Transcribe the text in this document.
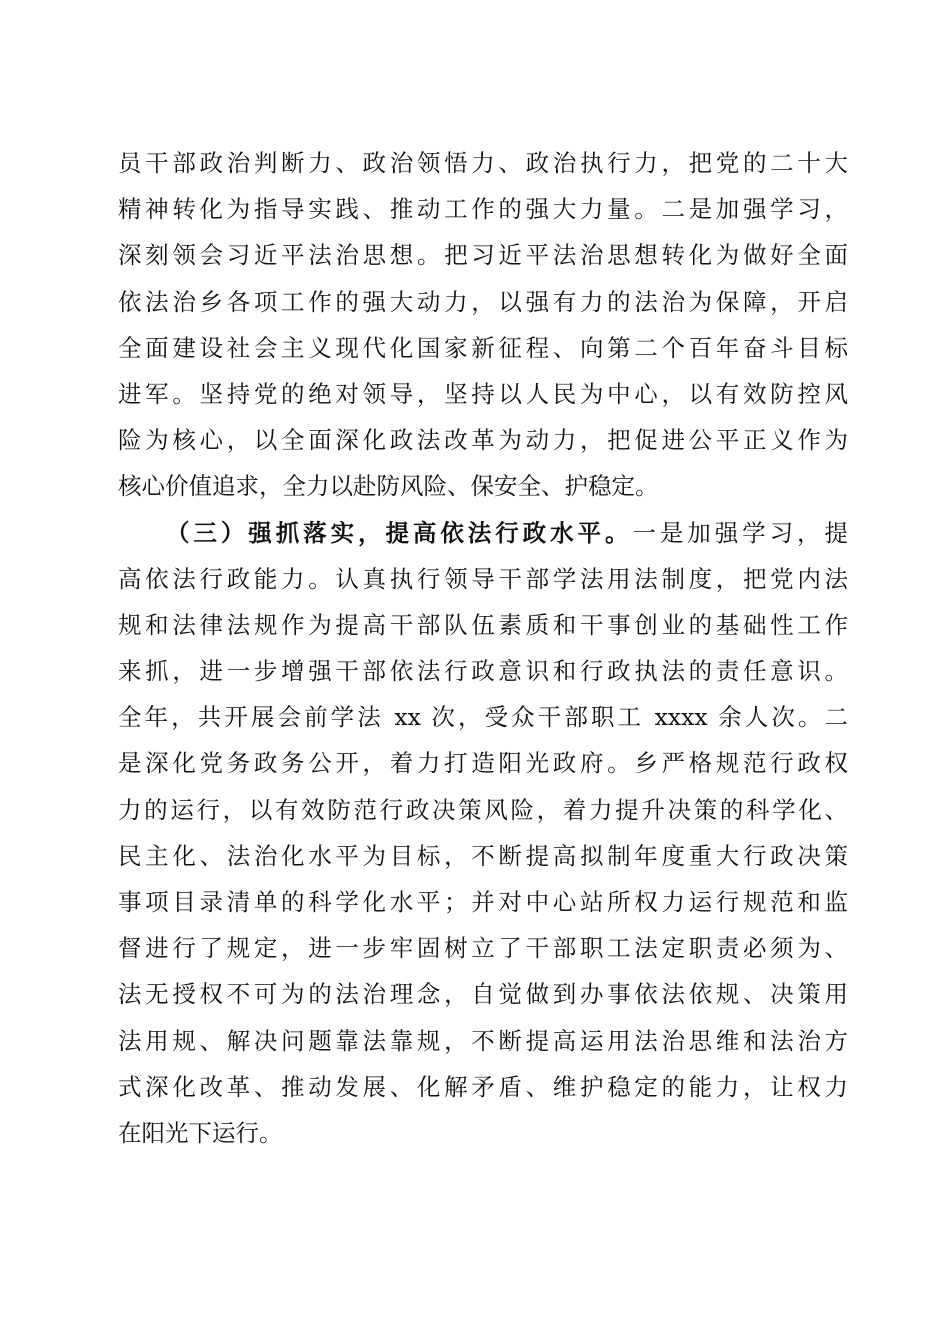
员干部政治判断力、政治领悟力、政治执行力，把党的二十大
精神转化为指导实践、推动工作的强大力量。二是加强学习，
深刻领会习近平法治思想。把习近平法治思想转化为做好全面
依法治乡各项工作的强大动力，以强有力的法治为保障，开启
全面建设社会主义现代化国家新征程、向第二个百年奋斗目标
进军。坚持党的绝对领导，坚持以人民为中心，以有效防控风
险为核心，以全面深化政法改革为动力，把促进公平正义作为
核心价值追求，全力以赴防风险、保安全、护稳定。
（三）强抓落实，提高依法行政水平。一是加强学习，提
高依法行政能力。认真执行领导干部学法用法制度，把党内法
规和法律法规作为提高干部队伍素质和干事创业的基础性工作
来抓，进一步增强干部依法行政意识和行政执法的责任意识。
全年，共开展会前学法 xx 次，受众干部职工 xxxx 余人次。二
是深化党务政务公开，着力打造阳光政府。乡严格规范行政权
力的运行，以有效防范行政决策风险，着力提升决策的科学化、
民主化、法治化水平为目标，不断提高拟制年度重大行政决策
事项目录清单的科学化水平；并对中心站所权力运行规范和监
督进行了规定，进一步牢固树立了干部职工法定职责必须为、
法无授权不可为的法治理念，自觉做到办事依法依规、决策用
法用规、解决问题靠法靠规，不断提高运用法治思维和法治方
式深化改革、推动发展、化解矛盾、维护稳定的能力，让权力
在阳光下运行。
